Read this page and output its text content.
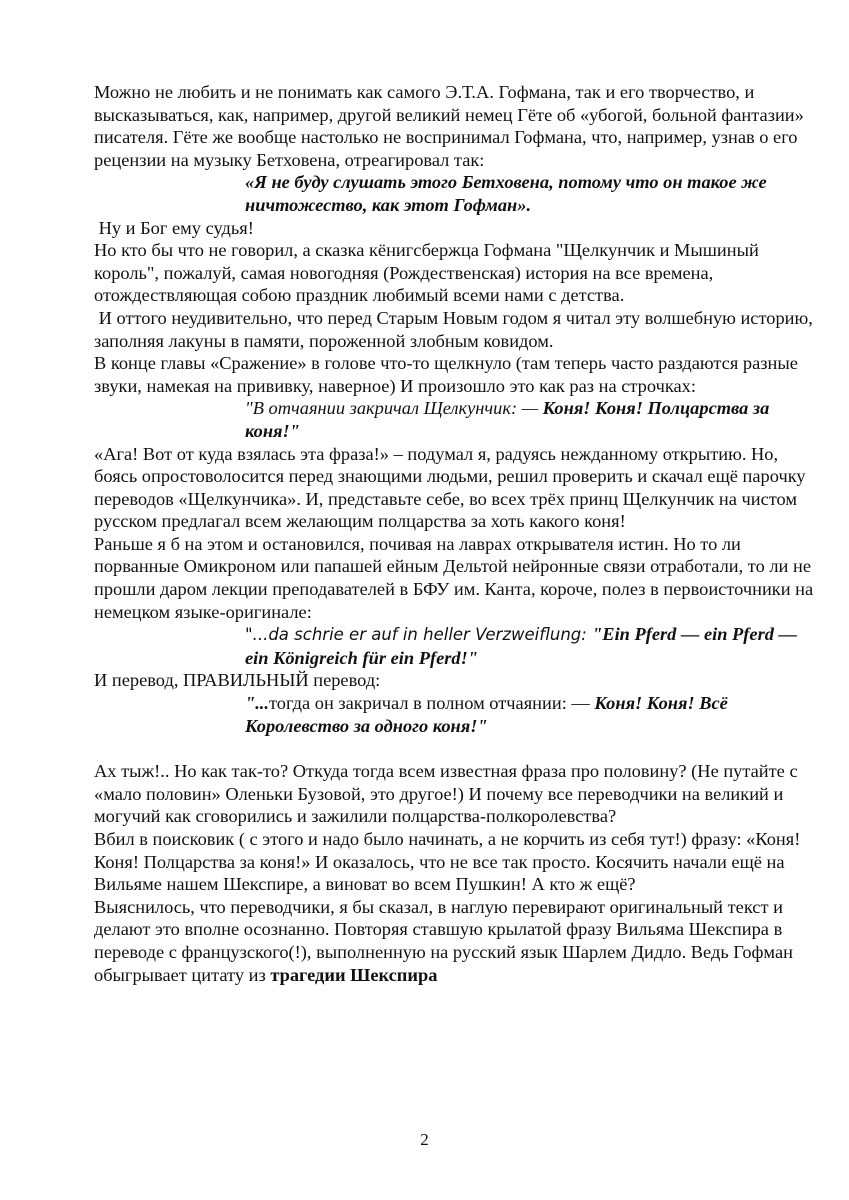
Можно не любить и не понимать как самого Э.Т.А. Гофмана, так и его творчество, и высказываться, как, например, другой великий немец Гёте об «убогой, больной фантазии» писателя. Гёте же вообще настолько не воспринимал Гофмана, что, например, узнав о его рецензии на музыку Бетховена, отреагировал так:

«Я не буду слушать этого Бетховена, потому что он такое же ничтожество, как этот Гофман».

Ну и Бог ему судья!

Но кто бы что не говорил, а сказка кёнигсбержца Гофмана "Щелкунчик и Мышиный король", пожалуй, самая новогодняя (Рождественская) история на все времена, отождествляющая собою праздник любимый всеми нами с детства.

И оттого неудивительно, что перед Старым Новым годом я читал эту волшебную историю, заполняя лакуны в памяти, пороженной злобным ковидом.

В конце главы «Сражение» в голове что-то щелкнуло (там теперь часто раздаются разные звуки, намекая на прививку, наверное) И произошло это как раз на строчках:

"В отчаянии закричал Щелкунчик: — Коня! Коня! Полцарства за коня!"

«Ага! Вот от куда взялась эта фраза!» – подумал я, радуясь нежданному открытию. Но, боясь опростоволосится перед знающими людьми, решил проверить и скачал ещё парочку переводов «Щелкунчика». И, представьте себе, во всех трёх принц Щелкунчик на чистом русском предлагал всем желающим полцарства за хоть какого коня!

Раньше я б на этом и остановился, почивая на лаврах открывателя истин. Но то ли порванные Омикроном или папашей ейным Дельтой нейронные связи отработали, то ли не прошли даром лекции преподавателей в БФУ им. Канта, короче, полез в первоисточники на немецком языке-оригинале:

"...da schrie er auf in heller Verzweiflung: "Ein Pferd — ein Pferd — ein Königreich für ein Pferd!"

И перевод, ПРАВИЛЬНЫЙ перевод:

"...тогда он закричал в полном отчаянии: — Коня! Коня! Всё Королевство за одного коня!"

Ах тыж!.. Но как так-то? Откуда тогда всем известная фраза про половину? (Не путайте с «мало половин» Оленьки Бузовой, это другое!) И почему все переводчики на великий и могучий как сговорились и зажилили полцарства-полкоролевства?

Вбил в поисковик ( с этого и надо было начинать, а не корчить из себя тут!) фразу: «Коня! Коня! Полцарства за коня!» И оказалось, что не все так просто. Косячить начали ещё на Вильяме нашем Шекспире, а виноват во всем Пушкин! А кто ж ещё?

Выяснилось, что переводчики, я бы сказал, в наглую перевирают оригинальный текст и делают это вполне осознанно. Повторяя ставшую крылатой фразу Вильяма Шекспира в переводе с французского(!), выполненную на русский язык Шарлем Дидло. Ведь Гофман обыгрывает цитату из трагедии Шекспира

2
